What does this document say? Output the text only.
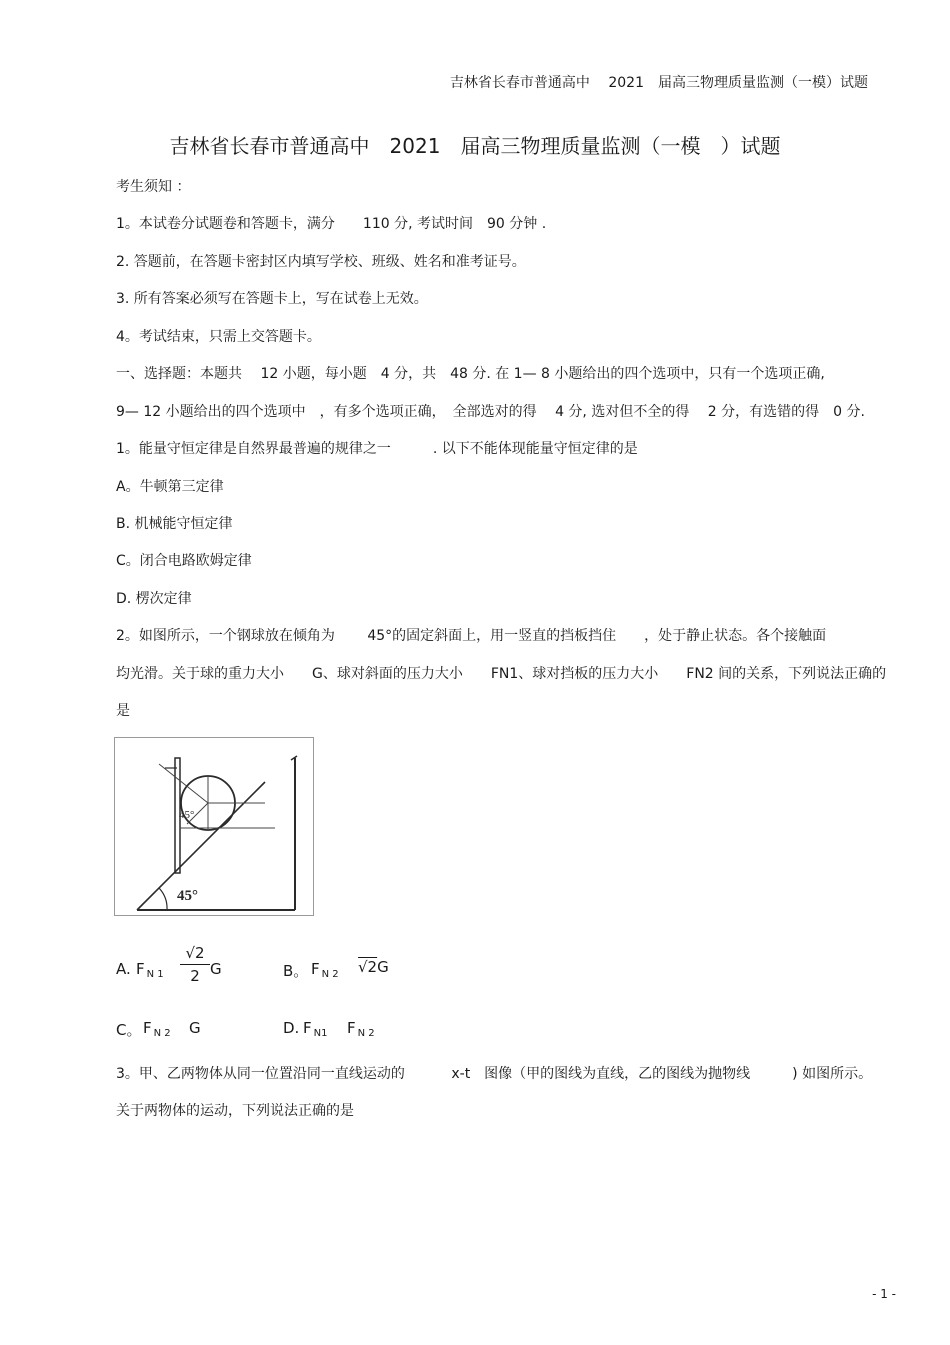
吉林省长春市普通高中　 2021　届高三物理质量监测（一模）试题
吉林省长春市普通高中　2021　届高三物理质量监测（一模　）试题
考生须知 ：
1。本试卷分试题卷和答题卡，满分　　110 分, 考试时间　90 分钟 .
2. 答题前，在答题卡密封区内填写学校、班级、姓名和准考证号。
3. 所有答案必须写在答题卡上，写在试卷上无效。
4。考试结束，只需上交答题卡。
一、选择题：本题共　 12 小题，每小题　4 分，共　48 分. 在 1— 8 小题给出的四个选项中，只有一个选项正确,
9— 12 小题给出的四个选项中　，有多个选项正确，　全部选对的得　 4 分, 选对但不全的得　 2 分，有选错的得　0 分.
1。能量守恒定律是自然界最普遍的规律之一　　　. 以下不能体现能量守恒定律的是
A。牛顿第三定律
B. 机械能守恒定律
C。闭合电路欧姆定律
D. 楞次定律
2。如图所示，一个钢球放在倾角为　　 45°的固定斜面上，用一竖直的挡板挡住　　，处于静止状态。各个接触面
均光滑。关于球的重力大小　　G、球对斜面的压力大小　　FN1、球对挡板的压力大小　　FN2 间的关系，下列说法正确的
是
45°
45°
A. F $_{N 1}$
√2
2 G	B。 F $_{N 2}$ √2G
C。 F $_{N 2}$ G	D. F $_{N1}$ F $_{N 2}$
3。甲、乙两物体从同一位置沿同一直线运动的　　　 x-t　图像（甲的图线为直线，乙的图线为抛物线　　　) 如图所示。
关于两物体的运动，下列说法正确的是
- 1 -
